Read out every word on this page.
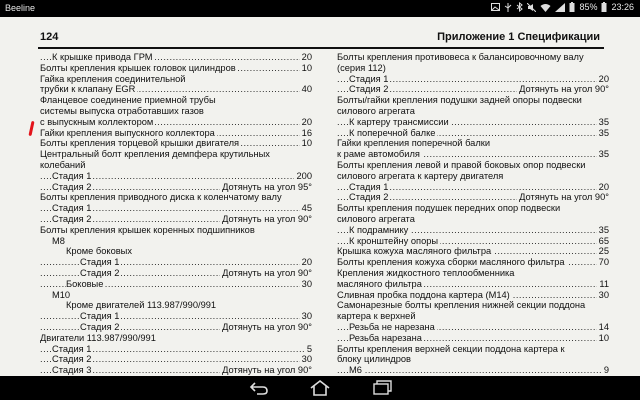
Beeline	85% 23:26
124	Приложение 1 Спецификации
К крышке привода ГРМ	20
.....
Болты крепления крышек головок цилиндров	10
.....
Гайка крепления соединительной
трубки к клапану EGR	40
.....
Фланцевое соединение приемной трубы
системы выпуска отработавших газов
с выпускным коллектором	20
.....
Гайки крепления выпускного коллектора	16
.....
Болты крепления торцевой крышки двигателя	10
.....
Центральный болт крепления демпфера крутильных
колебаний
Стадия 1	200
.....
Стадия 2	Дотянуть на угол 95°
.....
Болты крепления приводного диска к коленчатому валу
Стадия 1	45
.....
Стадия 2	Дотянуть на угол 90°
.....
Болты крепления крышек коренных подшипников
M8
Кроме боковых
Стадия 1	20
.....
Стадия 2	Дотянуть на угол 90°
.....
Боковые	30
.....
M10
Кроме двигателей 113.987/990/991
Стадия 1	30
.....
Стадия 2	Дотянуть на угол 90°
.....
Двигатели 113.987/990/991
Стадия 1	5
.....
Стадия 2	30
.....
Стадия 3	Дотянуть на угол 90°
.....
Болты крепления противовеса к балансировочному валу
(серия 112)
Стадия 1	20
.....
Стадия 2	Дотянуть на угол 90°
.....
Болты/гайки крепления подушки задней опоры подвески
силового агрегата
К картеру трансмиссии	35
.....
К поперечной балке	35
.....
Гайки крепления поперечной балки
к раме автомобиля	35
.....
Болты крепления левой и правой боковых опор подвески
силового агрегата к картеру двигателя
Стадия 1	20
.....
Стадия 2	Дотянуть на угол 90°
.....
Болты крепления подушек передних опор подвески
силового агрегата
К подрамнику	35
.....
К кронштейну опоры	65
.....
Крышка кожуха масляного фильтра	25
.....
Болты крепления кожуха сборки масляного фильтра	70
.....
Крепления жидкостного теплообменника
масляного фильтра	11
.....
Сливная пробка поддона картера (M14)	30
.....
Самонарезные болты крепления нижней секции поддона
картера к верхней
Резьба не нарезана	14
.....
Резьба нарезана	10
.....
Болты крепления верхней секции поддона картера к
блоку цилиндров
M6	9
.....
